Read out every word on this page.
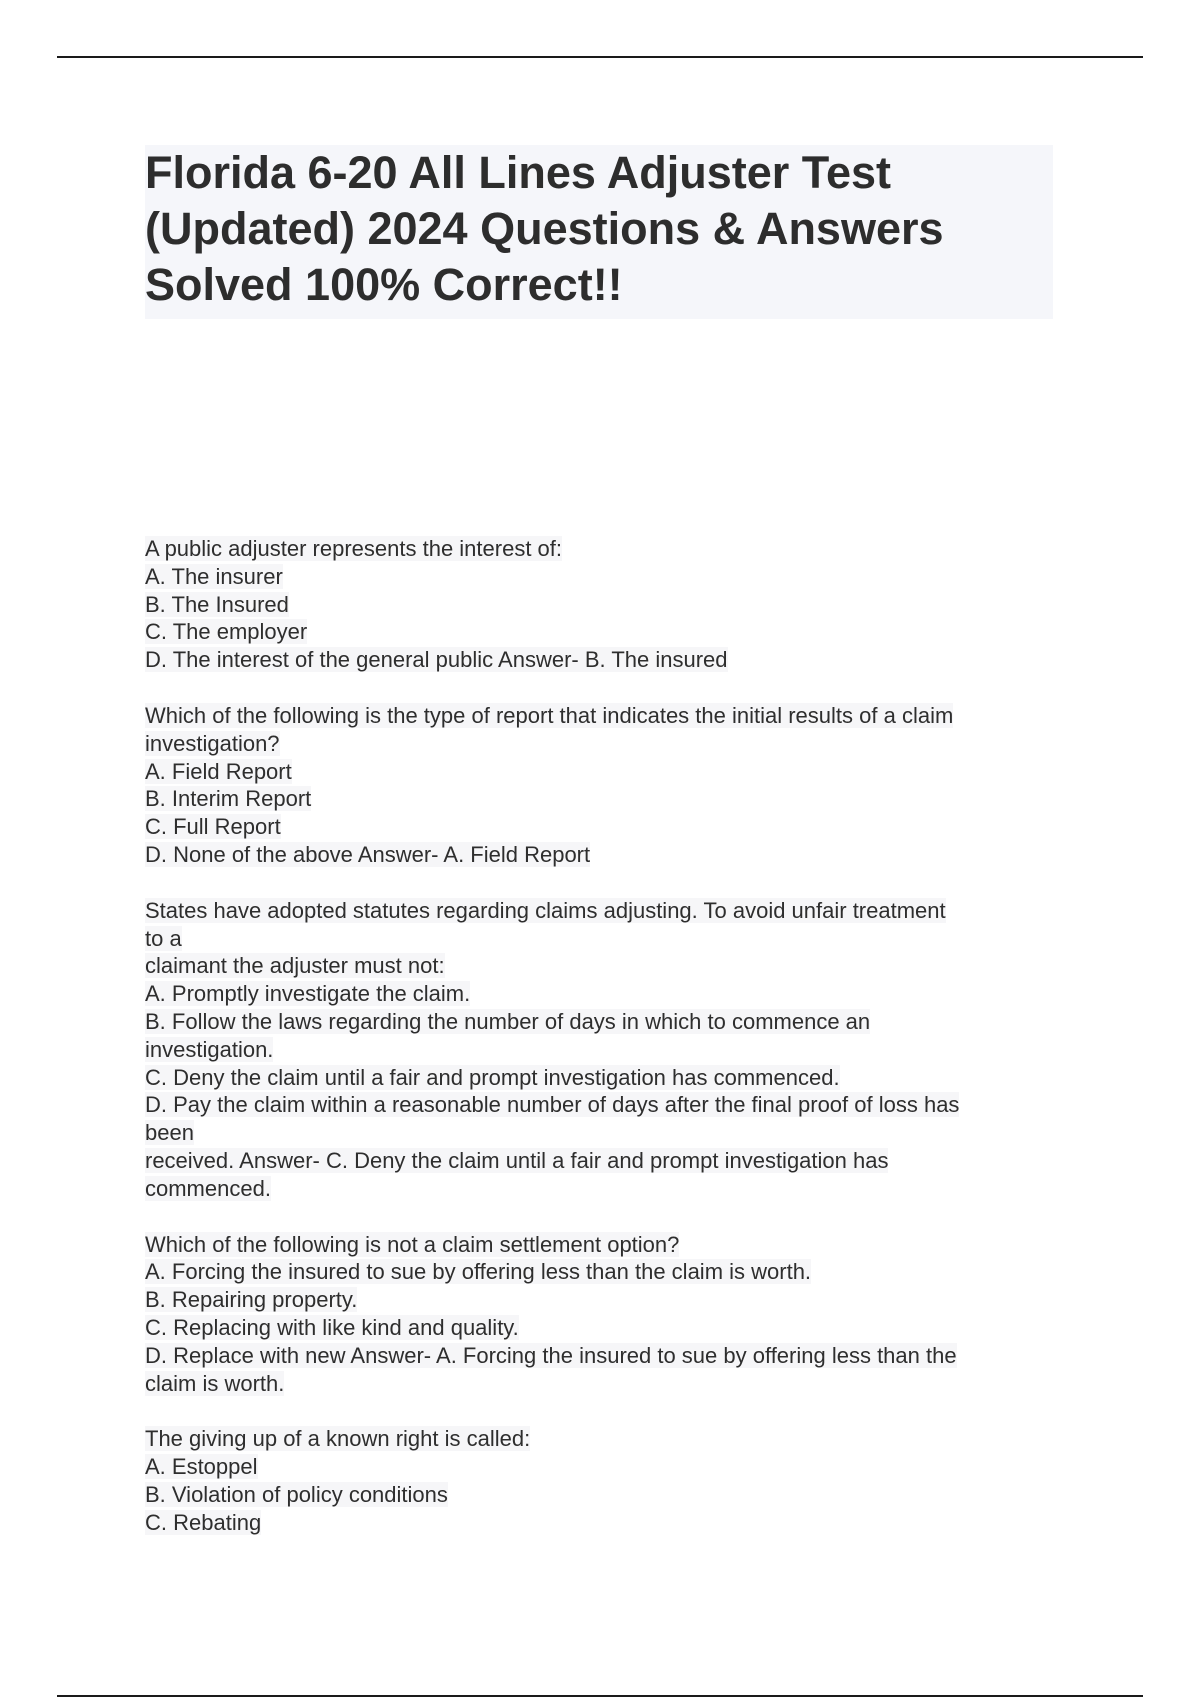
Florida 6-20 All Lines Adjuster Test
(Updated) 2024 Questions & Answers
Solved 100% Correct!!
A public adjuster represents the interest of:
A. The insurer
B. The Insured
C. The employer
D. The interest of the general public Answer- B. The insured
Which of the following is the type of report that indicates the initial results of a claim
investigation?
A. Field Report
B. Interim Report
C. Full Report
D. None of the above Answer- A. Field Report
States have adopted statutes regarding claims adjusting. To avoid unfair treatment
to a
claimant the adjuster must not:
A. Promptly investigate the claim.
B. Follow the laws regarding the number of days in which to commence an
investigation.
C. Deny the claim until a fair and prompt investigation has commenced.
D. Pay the claim within a reasonable number of days after the final proof of loss has
been
received. Answer- C. Deny the claim until a fair and prompt investigation has
commenced.
Which of the following is not a claim settlement option?
A. Forcing the insured to sue by offering less than the claim is worth.
B. Repairing property.
C. Replacing with like kind and quality.
D. Replace with new Answer- A. Forcing the insured to sue by offering less than the
claim is worth.
The giving up of a known right is called:
A. Estoppel
B. Violation of policy conditions
C. Rebating
